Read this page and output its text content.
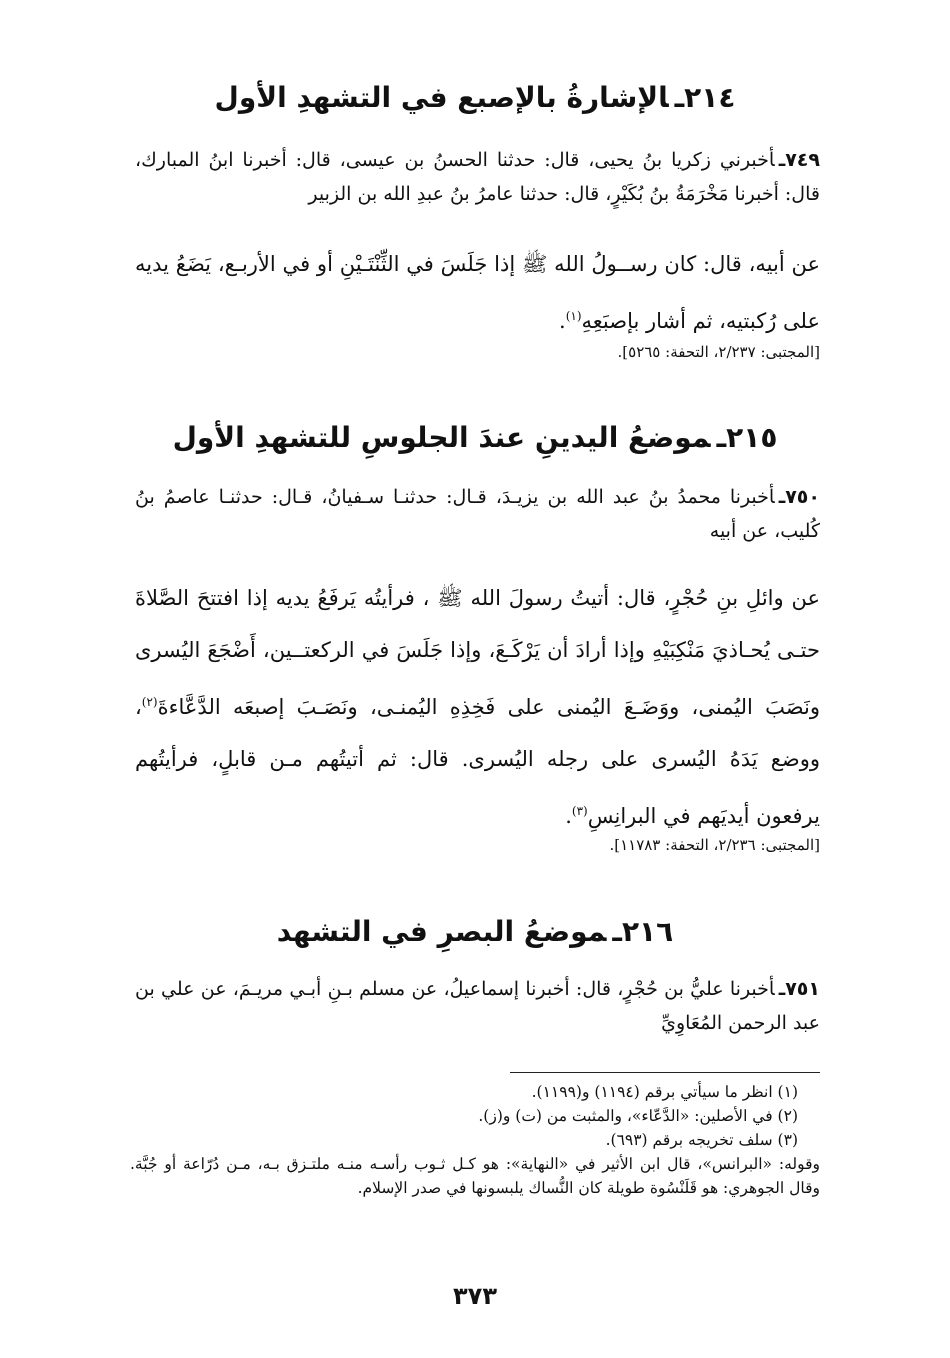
٢١٤ـالإشارةُ بالإصبع في التشهدِ الأول
٧٤٩ـأخبرني زكريا بنُ يحيى، قال: حدثنا الحسنُ بن عيسى، قال: أخبرنا ابنُ المبارك، قال: أخبرنا مَخْرَمَةُ بنُ بُكَيْرٍ، قال: حدثنا عامرُ بنُ عبدِ الله بن الزبير
عن أبيه، قال: كان رســولُ الله ﷺ إذا جَلَسَ في الثِّنْتَـيْنِ أو في الأربـع، يَضَعُ يديه على رُكبتيه، ثم أشار بإصبَعِهِ$^{(١)}$.
[المجتبى: ٢/٢٣٧، التحفة: ٥٢٦٥].
٢١٥ـموضعُ اليدينِ عندَ الجلوسِ للتشهدِ الأول
٧٥٠ـأخبرنا محمدُ بنُ عبد الله بن يزيـدَ، قـال: حدثنـا سـفيانُ، قـال: حدثنـا عاصمُ بنُ كُليب، عن أبيه
عن وائلِ بنِ حُجْرٍ، قال: أتيتُ رسولَ الله ﷺ ، فرأيتُه يَرفَعُ يديه إذا افتتحَ الصَّلاةَ حتـى يُحـاذيَ مَنْكِبَيْهِ وإذا أرادَ أن يَرْكَـعَ، وإذا جَلَسَ في الركعتــين، أَضْجَعَ اليُسرى ونَصَبَ اليُمنى، ووَضَـعَ اليُمنى على فَخِذِهِ اليُمنـى، ونَصَـبَ إصبعَه الدَّعَّاءةَ$^{(٢)}$، ووضع يَدَهُ اليُسرى على رجله اليُسرى. قال: ثم أتيتُهم مـن قابلٍ، فرأيتُهم يرفعون أيديَهم في البرانِسِ$^{(٣)}$.
[المجتبى: ٢/٢٣٦، التحفة: ١١٧٨٣].
٢١٦ـموضعُ البصرِ في التشهد
٧٥١ـأخبرنا عليُّ بن حُجْرٍ، قال: أخبرنا إسماعيلُ، عن مسلم بـنِ أبـي مريـمَ، عن علي بن عبد الرحمن المُعَاوِيِّ
(١) انظر ما سيأتي برقم (١١٩٤) و(١١٩٩).
(٢) في الأصلين: «الدَّعّاء»، والمثبت من (ت) و(ز).
(٣) سلف تخريجه برقم (٦٩٣).
وقوله: «البرانس»، قال ابن الأثير في «النهاية»: هو كـل ثـوب رأسـه منـه ملتـزق بـه، مـن دُرّاعة أو جُبَّة. وقال الجوهري: هو قَلَنْسُوة طويلة كان النُّساك يلبسونها في صدر الإسلام.
٣٧٣
